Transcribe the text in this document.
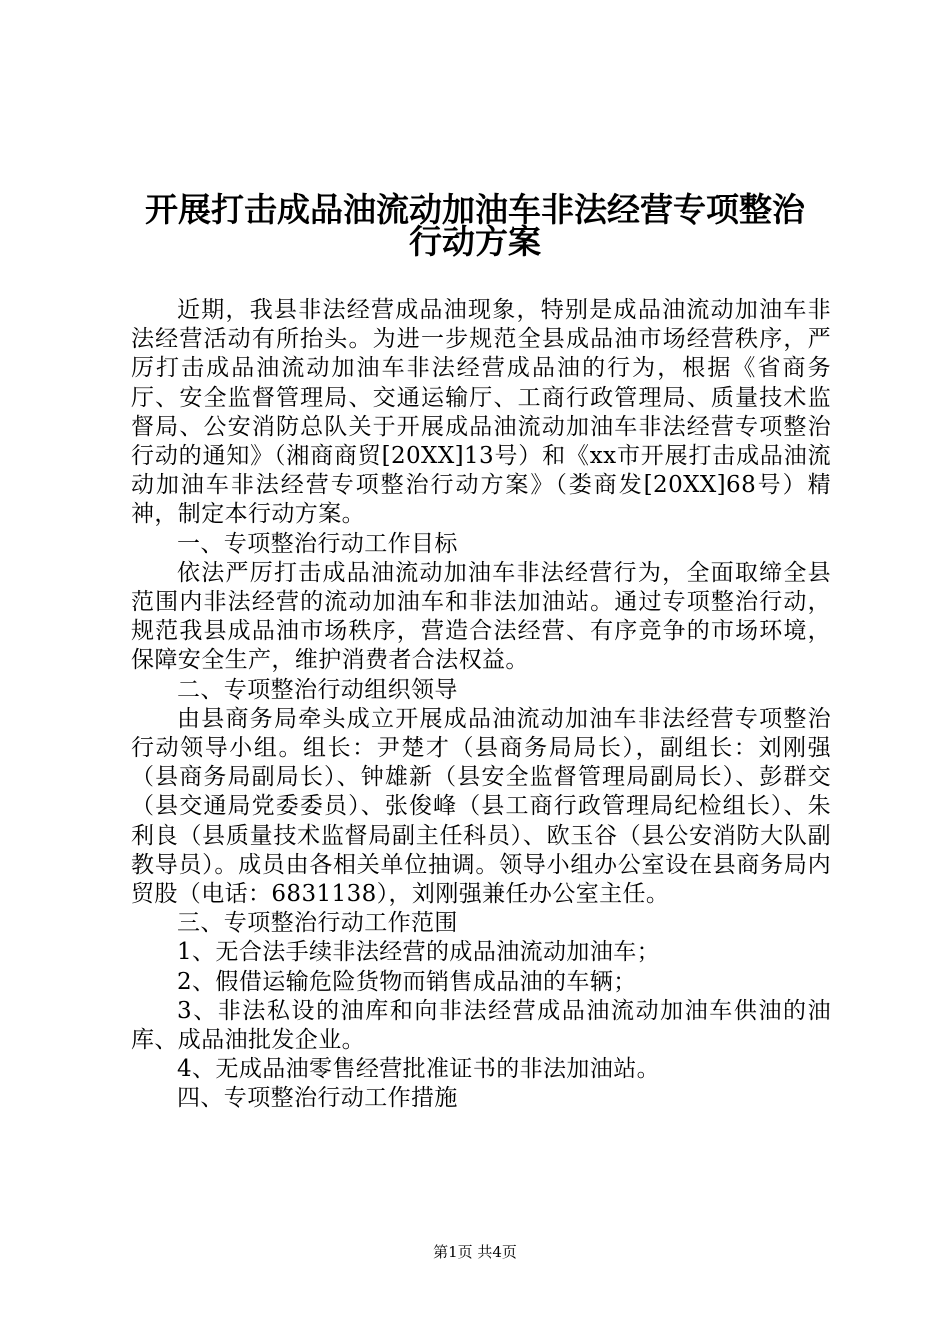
开展打击成品油流动加油车非法经营专项整治
行动方案

近期，我县非法经营成品油现象，特别是成品油流动加油车非法经营活动有所抬头。为进一步规范全县成品油市场经营秩序，严厉打击成品油流动加油车非法经营成品油的行为，根据《省商务厅、安全监督管理局、交通运输厅、工商行政管理局、质量技术监督局、公安消防总队关于开展成品油流动加油车非法经营专项整治行动的通知》（湘商商贸[20XX]13号）和《xx市开展打击成品油流动加油车非法经营专项整治行动方案》（娄商发[20XX]68号）精神，制定本行动方案。

一、专项整治行动工作目标

依法严厉打击成品油流动加油车非法经营行为，全面取缔全县范围内非法经营的流动加油车和非法加油站。通过专项整治行动，规范我县成品油市场秩序，营造合法经营、有序竞争的市场环境，保障安全生产，维护消费者合法权益。

二、专项整治行动组织领导

由县商务局牵头成立开展成品油流动加油车非法经营专项整治行动领导小组。组长：尹楚才（县商务局局长），副组长：刘刚强（县商务局副局长）、钟雄新（县安全监督管理局副局长）、彭群交（县交通局党委委员）、张俊峰（县工商行政管理局纪检组长）、朱利良（县质量技术监督局副主任科员）、欧玉谷（县公安消防大队副教导员）。成员由各相关单位抽调。领导小组办公室设在县商务局内贸股（电话：6831138），刘刚强兼任办公室主任。

三、专项整治行动工作范围

1、无合法手续非法经营的成品油流动加油车；

2、假借运输危险货物而销售成品油的车辆；

3、非法私设的油库和向非法经营成品油流动加油车供油的油库、成品油批发企业。

4、无成品油零售经营批准证书的非法加油站。

四、专项整治行动工作措施

第1页 共4页
